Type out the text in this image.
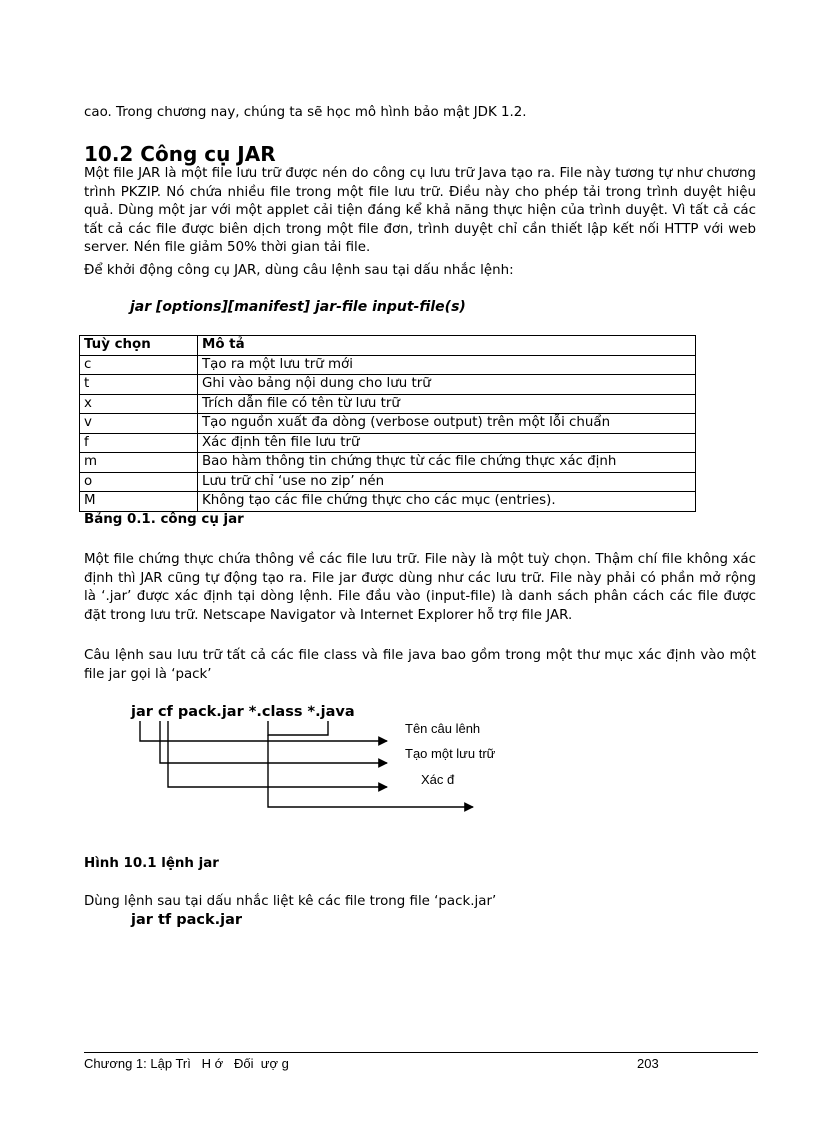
cao. Trong chương nay, chúng ta sẽ học mô hình bảo mật JDK 1.2.
10.2 Công cụ JAR
Một file JAR là một file lưu trữ được nén do công cụ lưu trữ Java tạo ra. File này tương tự như chương trình PKZIP. Nó chứa nhiều file trong một file lưu trữ. Điều này cho phép tải trong trình duyệt hiệu quả. Dùng một jar với một applet cải tiện đáng kể khả năng thực hiện của trình duyệt. Vì tất cả các tất cả các file được biên dịch trong một file đơn, trình duyệt chỉ cần thiết lập kết nối HTTP với web server. Nén file giảm 50% thời gian tải file.
Để khởi động công cụ JAR, dùng câu lệnh sau tại dấu nhắc lệnh:
jar [options][manifest] jar-file input-file(s)
Tuỳ chọn	Mô tả
c	Tạo ra một lưu trữ mới
t	Ghi vào bảng nội dung cho lưu trữ
x	Trích dẫn file có tên từ lưu trữ
v	Tạo nguồn xuất đa dòng (verbose output) trên một lỗi chuẩn
f	Xác định tên file lưu trữ
m	Bao hàm thông tin chứng thực từ các file chứng thực xác định
o	Lưu trữ chỉ ‘use no zip’ nén
M	Không tạo các file chứng thực cho các mục (entries).
Bảng 0.1. công cụ jar
Một file chứng thực chứa thông về các file lưu trữ. File này là một tuỳ chọn. Thậm chí file không xác định thì JAR cũng tự động tạo ra. File jar được dùng như các lưu trữ. File này phải có phần mở rộng là ‘.jar’ được xác định tại dòng lệnh. File đầu vào (input-file) là danh sách phân cách các file được đặt trong lưu trữ. Netscape Navigator và Internet Explorer hỗ trợ file JAR.
Câu lệnh sau lưu trữ tất cả các file class và file java bao gồm trong một thư mục xác định vào một file jar gọi là ‘pack’
jar cf pack.jar *.class *.java
Tên câu lênh
Tạo một lưu trữ
Xác đ
Hình 10.1 lệnh jar
Dùng lệnh sau tại dấu nhắc liệt kê các file trong file ‘pack.jar’
jar tf pack.jar
Chương 1: Lập Trì   H ớ   Đối  ượ g	203
